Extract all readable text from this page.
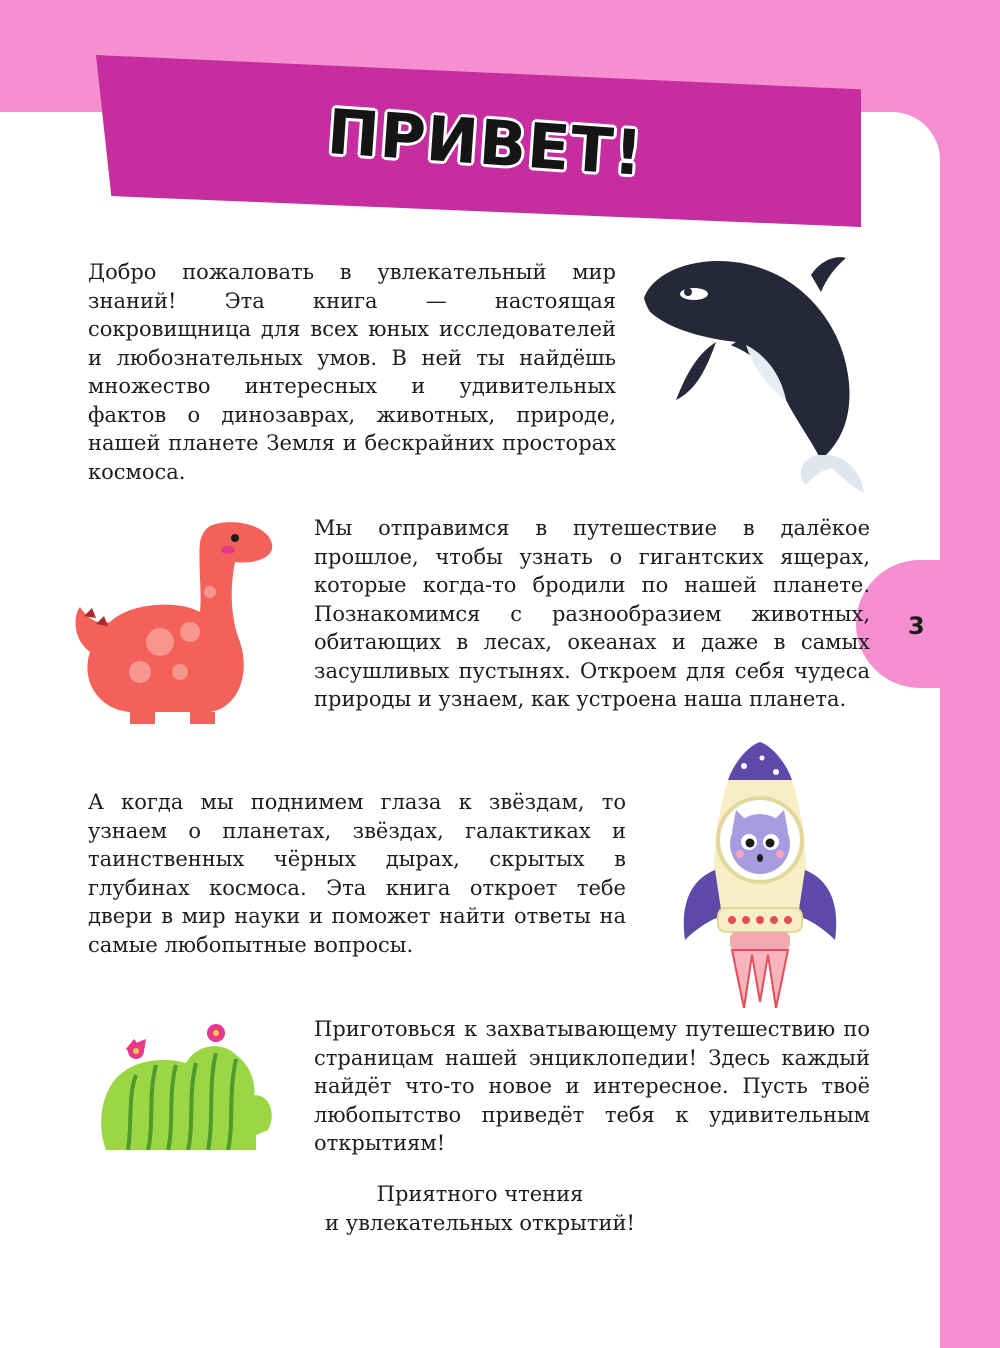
3
ПРИВЕТ!

Добро пожаловать в увлекательный мир знаний! Эта книга — настоящая сокровищница для всех юных исследователей и любознательных умов. В ней ты найдёшь множество интересных и удивительных фактов о динозаврах, животных, природе, нашей планете Земля и бескрайних просторах космоса.

Мы отправимся в путешествие в далёкое прошлое, чтобы узнать о гигантских ящерах, которые когда-то бродили по нашей планете. Познакомимся с разнообразием животных, обитающих в лесах, океанах и даже в самых засушливых пустынях. Откроем для себя чудеса природы и узнаем, как устроена наша планета.

А когда мы поднимем глаза к звёздам, то узнаем о планетах, звёздах, галактиках и таинственных чёрных дырах, скрытых в глубинах космоса. Эта книга откроет тебе двери в мир науки и поможет найти ответы на самые любопытные вопросы.

Приготовься к захватывающему путешествию по страницам нашей энциклопедии! Здесь каждый найдёт что-то новое и интересное. Пусть твоё любопытство приведёт тебя к удивительным открытиям!

Приятного чтения
и увлекательных открытий!
